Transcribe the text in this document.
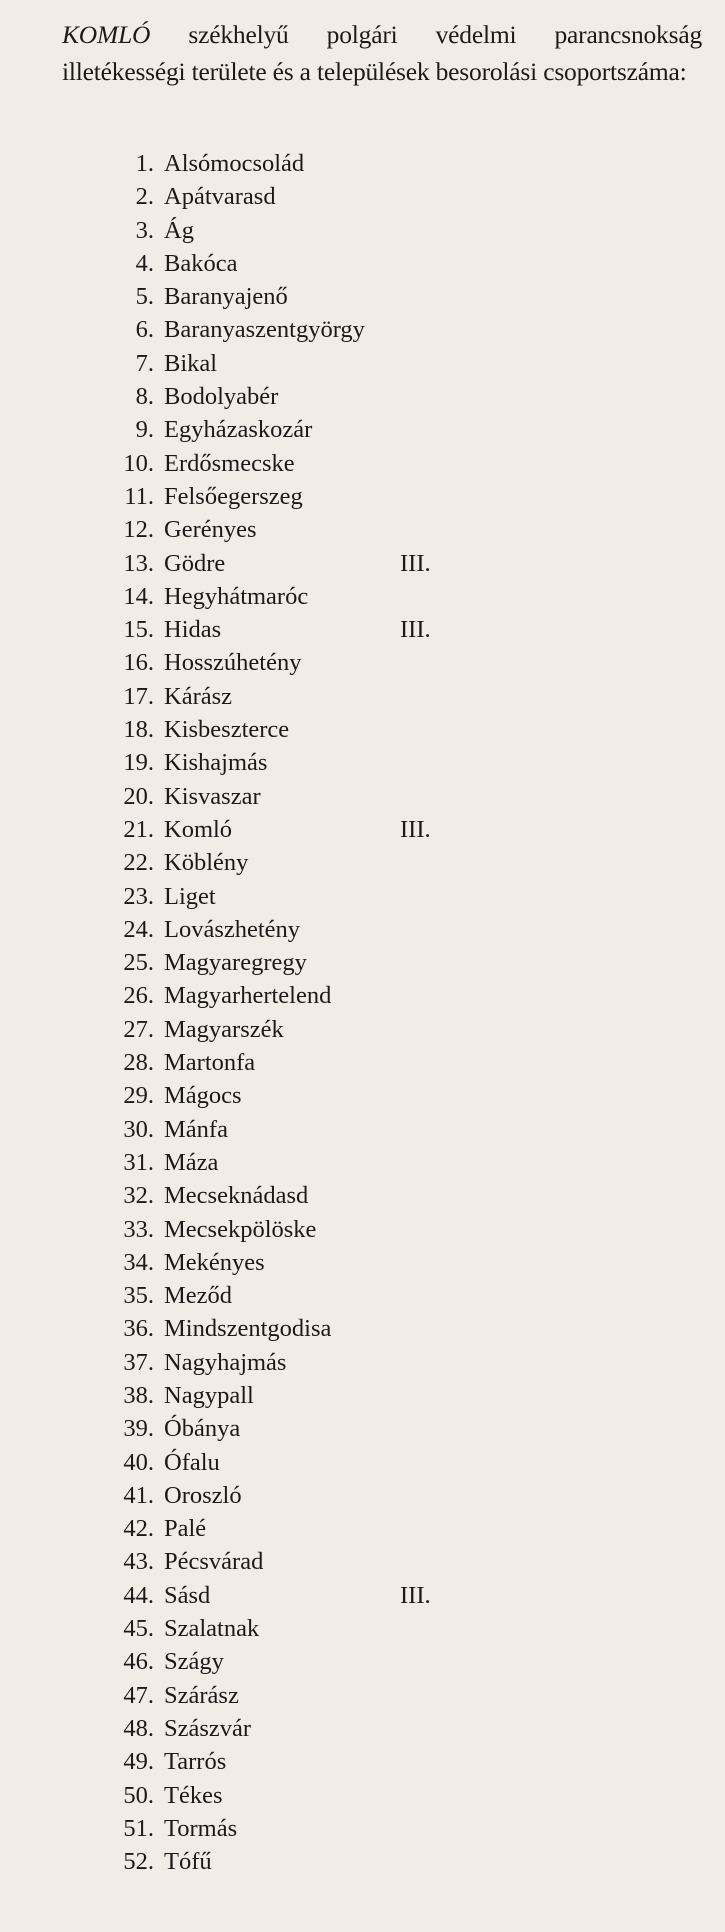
KOMLÓ székhelyű polgári védelmi parancsnokság illetékességi területe és a települések besorolási csoportszáma:
1. Alsómocsolád
2. Apátvarasd
3. Ág
4. Bakóca
5. Baranyajenő
6. Baranyaszentgyörgy
7. Bikal
8. Bodolyabér
9. Egyházaskozár
10. Erdősmecske
11. Felsőegerszeg
12. Gerényes
13. Gödre	III.
14. Hegyhátmaróc
15. Hidas	III.
16. Hosszúhetény
17. Kárász
18. Kisbeszterce
19. Kishajmás
20. Kisvaszar
21. Komló	III.
22. Köblény
23. Liget
24. Lovászhetény
25. Magyaregregy
26. Magyarhertelend
27. Magyarszék
28. Martonfa
29. Mágocs
30. Mánfa
31. Máza
32. Mecseknádasd
33. Mecsekpölöske
34. Mekényes
35. Meződ
36. Mindszentgodisa
37. Nagyhajmás
38. Nagypall
39. Óbánya
40. Ófalu
41. Oroszló
42. Palé
43. Pécsvárad
44. Sásd	III.
45. Szalatnak
46. Szágy
47. Szárász
48. Szászvár
49. Tarrós
50. Tékes
51. Tormás
52. Tófű
